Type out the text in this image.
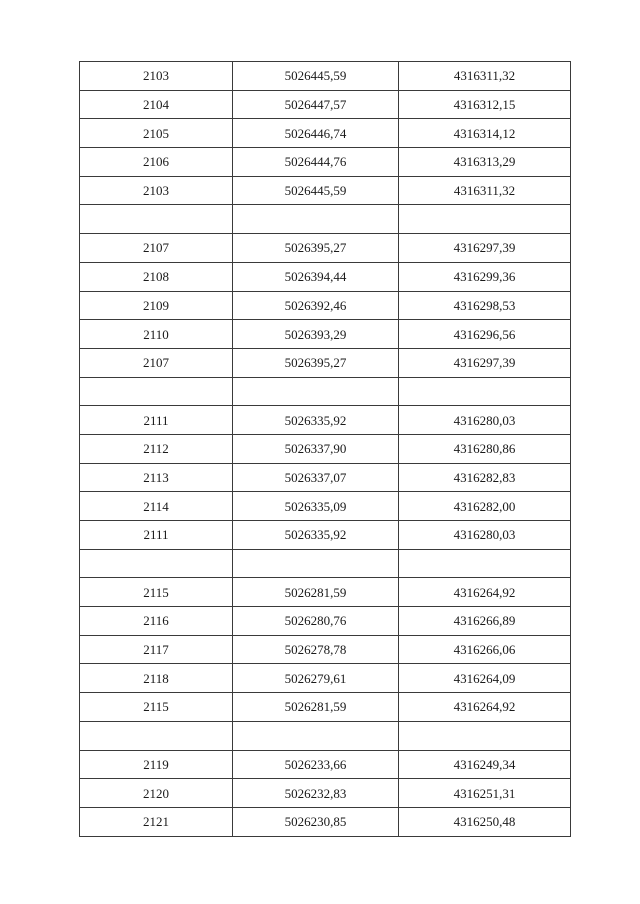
2103	5026445,59	4316311,32
2104	5026447,57	4316312,15
2105	5026446,74	4316314,12
2106	5026444,76	4316313,29
2103	5026445,59	4316311,32

2107	5026395,27	4316297,39
2108	5026394,44	4316299,36
2109	5026392,46	4316298,53
2110	5026393,29	4316296,56
2107	5026395,27	4316297,39

2111	5026335,92	4316280,03
2112	5026337,90	4316280,86
2113	5026337,07	4316282,83
2114	5026335,09	4316282,00
2111	5026335,92	4316280,03

2115	5026281,59	4316264,92
2116	5026280,76	4316266,89
2117	5026278,78	4316266,06
2118	5026279,61	4316264,09
2115	5026281,59	4316264,92

2119	5026233,66	4316249,34
2120	5026232,83	4316251,31
2121	5026230,85	4316250,48
